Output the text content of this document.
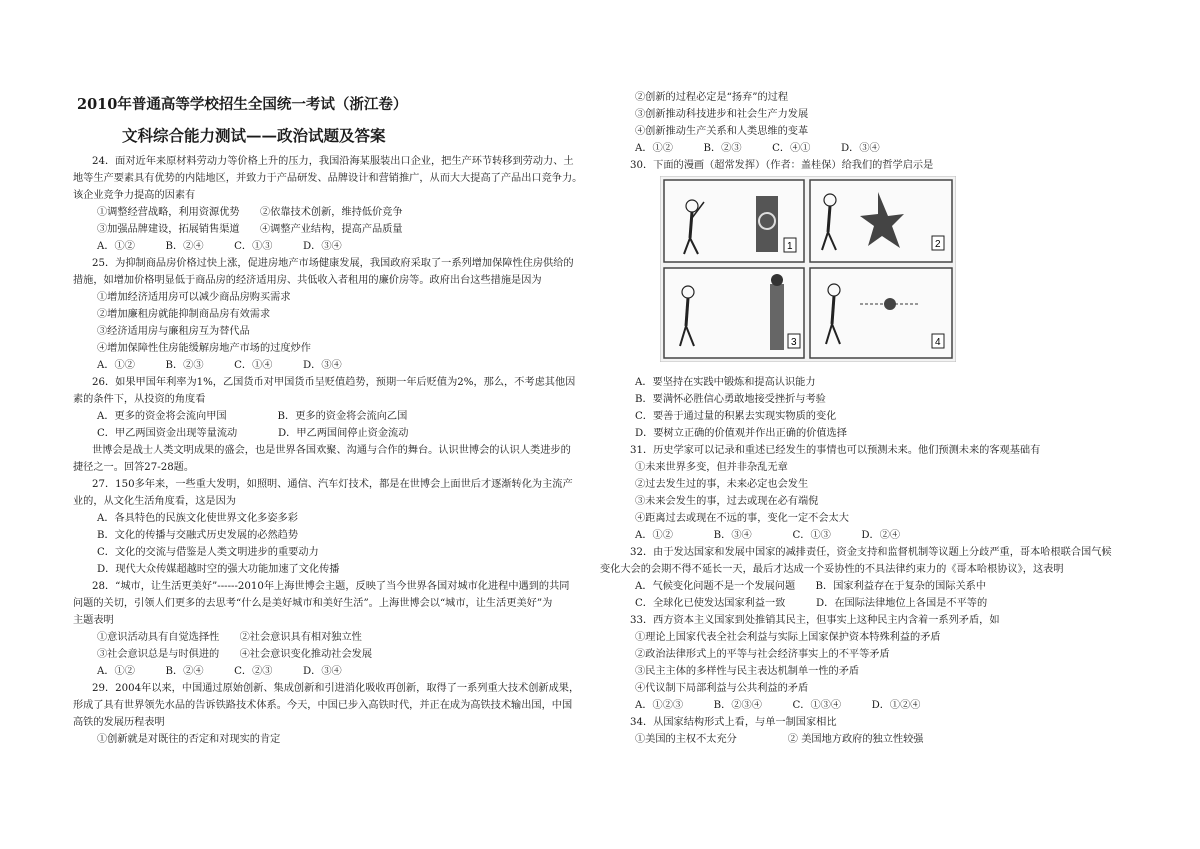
2010年普通高等学校招生全国统一考试（浙江卷）
文科综合能力测试——政治试题及答案
24．面对近年来原材料劳动力等价格上升的压力，我国沿海某服装出口企业，把生产环节转移到劳动力、土
地等生产要素具有优势的内陆地区，并致力于产品研发、品牌设计和营销推广，从而大大提高了产品出口竞争力。
该企业竞争力提高的因素有
①调整经营战略，利用资源优势　　②依靠技术创新，维持低价竞争
③加强品牌建设，拓展销售渠道　　④调整产业结构，提高产品质量
A．①②　　　B．②④　　　C．①③　　　D．③④
25．为抑制商品房价格过快上涨，促进房地产市场健康发展，我国政府采取了一系列增加保障性住房供给的
措施，如增加价格明显低于商品房的经济适用房、共低收入者租用的廉价房等。政府出台这些措施是因为
①增加经济适用房可以减少商品房购买需求
②增加廉租房就能抑制商品房有效需求
③经济适用房与廉租房互为替代品
④增加保障性住房能缓解房地产市场的过度炒作
A．①②　　　B．②③　　　C．①④　　　D．③④
26．如果甲国年利率为1%，乙国货币对甲国货币呈贬值趋势，预期一年后贬值为2%，那么，不考虑其他因
素的条件下，从投资的角度看
A．更多的资金将会流向甲国　　　　　B．更多的资金将会流向乙国
C．甲乙两国资金出现等量流动　　　　D．甲乙两国间停止资金流动
世博会是战士人类文明成果的盛会，也是世界各国欢聚、沟通与合作的舞台。认识世博会的认识人类进步的
捷径之一。回答27-28题。
27．150多年来，一些重大发明，如照明、通信、汽车灯技术，都是在世博会上面世后才逐渐转化为主流产
业的，从文化生活角度看，这是因为
A．各具特色的民族文化使世界文化多姿多彩
B．文化的传播与交融式历史发展的必然趋势
C．文化的交流与借鉴是人类文明进步的重要动力
D．现代大众传媒超越时空的强大功能加速了文化传播
28．“城市，让生活更美好”------2010年上海世博会主题，反映了当今世界各国对城市化进程中遇到的共同
问题的关切，引领人们更多的去思考“什么是美好城市和美好生活”。上海世博会以“城市，让生活更美好”为
主题表明
①意识活动具有自觉选择性　　②社会意识具有相对独立性
③社会意识总是与时俱进的　　④社会意识变化推动社会发展
A．①②　　　B．②④　　　C．②③　　　D．③④
29．2004年以来，中国通过原始创新、集成创新和引进消化吸收再创新，取得了一系列重大技术创新成果，
形成了具有世界领先水品的告诉铁路技术体系。今天，中国已步入高铁时代，并正在成为高铁技术输出国，中国
高铁的发展历程表明
①创新就是对既往的否定和对现实的肯定
②创新的过程必定是“扬弃”的过程
③创新推动科技进步和社会生产力发展
④创新推动生产关系和人类思维的变革
A．①②　　　B．②③　　　C．④①　　　D．③④
30．下面的漫画（超常发挥）（作者：盖桂保）给我们的哲学启示是
A．要坚持在实践中锻炼和提高认识能力
B．要满怀必胜信心勇敢地接受挫折与考验
C．要善于通过量的积累去实现实物质的变化
D．要树立正确的价值观并作出正确的价值选择
31．历史学家可以记录和重述已经发生的事情也可以预测未来。他们预测未来的客观基础有
①未来世界多变，但并非杂乱无章
②过去发生过的事，未来必定也会发生
③未来会发生的事，过去或现在必有端倪
④距离过去或现在不远的事，变化一定不会太大
A．①②　　　　B．③④　　　　C．①③　　　D．②④
32．由于发达国家和发展中国家的减排责任，资金支持和监督机制等议题上分歧严重，哥本哈根联合国气候
变化大会的会期不得不延长一天，最后才达成一个妥协性的不具法律约束力的《哥本哈根协议》，这表明
A．气候变化问题不是一个发展问题　　B．国家利益存在于复杂的国际关系中
C．全球化已使发达国家利益一致　　　D．在国际法律地位上各国是不平等的
33．西方资本主义国家到处推销其民主，但事实上这种民主内含着一系列矛盾，如
①理论上国家代表全社会利益与实际上国家保护资本特殊利益的矛盾
②政治法律形式上的平等与社会经济事实上的不平等矛盾
③民主主体的多样性与民主表达机制单一性的矛盾
④代议制下局部利益与公共利益的矛盾
A．①②③　　　B．②③④　　　C．①③④　　　D．①②④
34．从国家结构形式上看，与单一制国家相比
①美国的主权不太充分　　　　　② 美国地方政府的独立性较强
1	2
3	4
